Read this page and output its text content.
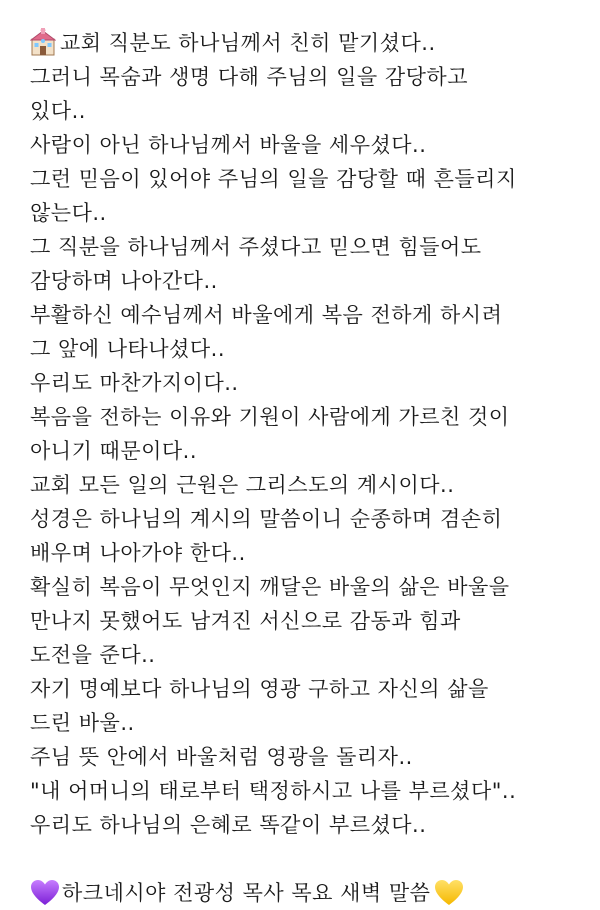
교회 직분도 하나님께서 친히 맡기셨다..
그러니 목숨과 생명 다해 주님의 일을 감당하고
있다..
사람이 아닌 하나님께서 바울을 세우셨다..
그런 믿음이 있어야 주님의 일을 감당할 때 흔들리지
않는다..
그 직분을 하나님께서 주셨다고 믿으면 힘들어도
감당하며 나아간다..
부활하신 예수님께서 바울에게 복음 전하게 하시려
그 앞에 나타나셨다..
우리도 마찬가지이다..
복음을 전하는 이유와 기원이 사람에게 가르친 것이
아니기 때문이다..
교회 모든 일의 근원은 그리스도의 계시이다..
성경은 하나님의 계시의 말씀이니 순종하며 겸손히
배우며 나아가야 한다..
확실히 복음이 무엇인지 깨달은 바울의 삶은 바울을
만나지 못했어도 남겨진 서신으로 감동과 힘과
도전을 준다..
자기 명예보다 하나님의 영광 구하고 자신의 삶을
드린 바울..
주님 뜻 안에서 바울처럼 영광을 돌리자..
"내 어머니의 태로부터 택정하시고 나를 부르셨다"..
우리도 하나님의 은혜로 똑같이 부르셨다..
하크네시야 전광성 목사 목요 새벽 말씀
